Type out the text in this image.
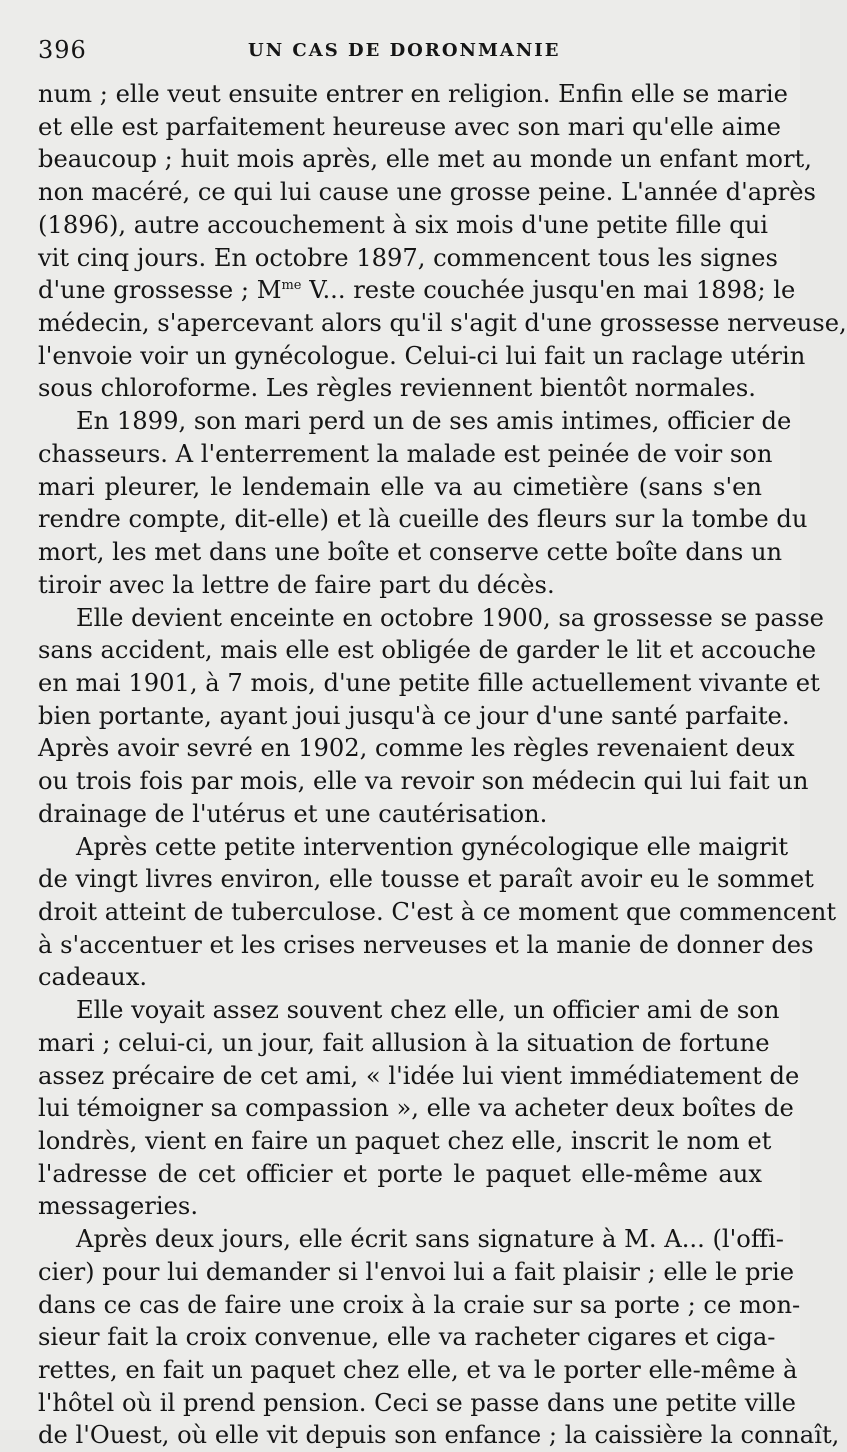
396	UN CAS DE DORONMANIE
num ; elle veut ensuite entrer en religion. Enfin elle se marie
et elle est parfaitement heureuse avec son mari qu'elle aime
beaucoup ; huit mois après, elle met au monde un enfant mort,
non macéré, ce qui lui cause une grosse peine. L'année d'après
(1896), autre accouchement à six mois d'une petite fille qui
vit cinq jours. En octobre 1897, commencent tous les signes
d'une grossesse ; $M^{me}$ V... reste couchée jusqu'en mai 1898; le
médecin, s'apercevant alors qu'il s'agit d'une grossesse nerveuse,
l'envoie voir un gynécologue. Celui-ci lui fait un raclage utérin
sous chloroforme. Les règles reviennent bientôt normales.
En 1899, son mari perd un de ses amis intimes, officier de
chasseurs. A l'enterrement la malade est peinée de voir son
mari pleurer, le lendemain elle va au cimetière (sans s'en
rendre compte, dit-elle) et là cueille des fleurs sur la tombe du
mort, les met dans une boîte et conserve cette boîte dans un
tiroir avec la lettre de faire part du décès.
Elle devient enceinte en octobre 1900, sa grossesse se passe
sans accident, mais elle est obligée de garder le lit et accouche
en mai 1901, à 7 mois, d'une petite fille actuellement vivante et
bien portante, ayant joui jusqu'à ce jour d'une santé parfaite.
Après avoir sevré en 1902, comme les règles revenaient deux
ou trois fois par mois, elle va revoir son médecin qui lui fait un
drainage de l'utérus et une cautérisation.
Après cette petite intervention gynécologique elle maigrit
de vingt livres environ, elle tousse et paraît avoir eu le sommet
droit atteint de tuberculose. C'est à ce moment que commencent
à s'accentuer et les crises nerveuses et la manie de donner des
cadeaux.
Elle voyait assez souvent chez elle, un officier ami de son
mari ; celui-ci, un jour, fait allusion à la situation de fortune
assez précaire de cet ami, « l'idée lui vient immédiatement de
lui témoigner sa compassion », elle va acheter deux boîtes de
londrès, vient en faire un paquet chez elle, inscrit le nom et
l'adresse de cet officier et porte le paquet elle-même aux
messageries.
Après deux jours, elle écrit sans signature à M. A... (l'offi-
cier) pour lui demander si l'envoi lui a fait plaisir ; elle le prie
dans ce cas de faire une croix à la craie sur sa porte ; ce mon-
sieur fait la croix convenue, elle va racheter cigares et ciga-
rettes, en fait un paquet chez elle, et va le porter elle-même à
l'hôtel où il prend pension. Ceci se passe dans une petite ville
de l'Ouest, où elle vit depuis son enfance ; la caissière la connaît,
